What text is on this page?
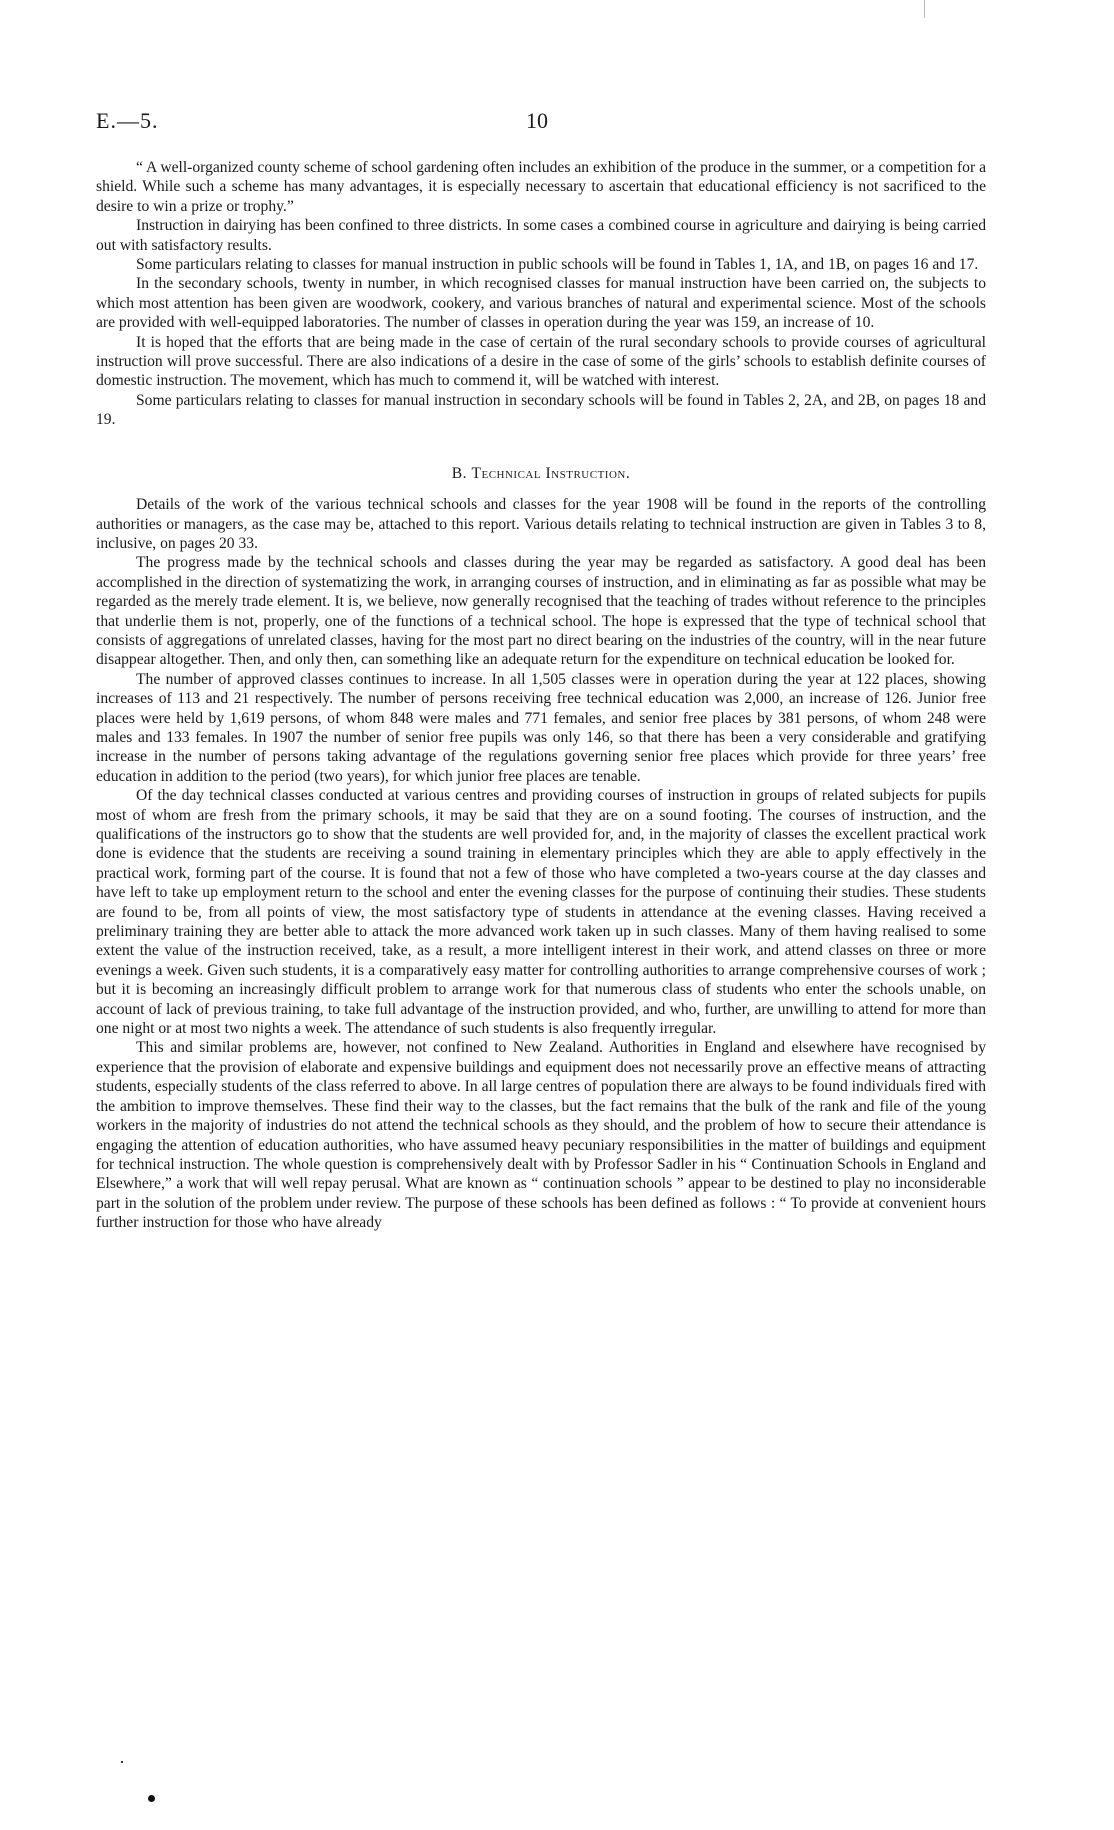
E.—5.	10

“ A well-organized county scheme of school gardening often includes an exhibition of the produce in the summer, or a competition for a shield. While such a scheme has many advantages, it is especially necessary to ascertain that educational efficiency is not sacrificed to the desire to win a prize or trophy.”

Instruction in dairying has been confined to three districts. In some cases a combined course in agriculture and dairying is being carried out with satisfactory results.

Some particulars relating to classes for manual instruction in public schools will be found in Tables 1, 1A, and 1B, on pages 16 and 17.

In the secondary schools, twenty in number, in which recognised classes for manual instruction have been carried on, the subjects to which most attention has been given are woodwork, cookery, and various branches of natural and experimental science. Most of the schools are provided with well-equipped laboratories. The number of classes in operation during the year was 159, an increase of 10.

It is hoped that the efforts that are being made in the case of certain of the rural secondary schools to provide courses of agricultural instruction will prove successful. There are also indications of a desire in the case of some of the girls’ schools to establish definite courses of domestic instruction. The movement, which has much to commend it, will be watched with interest.

Some particulars relating to classes for manual instruction in secondary schools will be found in Tables 2, 2A, and 2B, on pages 18 and 19.

B. Technical Instruction.

Details of the work of the various technical schools and classes for the year 1908 will be found in the reports of the controlling authorities or managers, as the case may be, attached to this report. Various details relating to technical instruction are given in Tables 3 to 8, inclusive, on pages 20 33.

The progress made by the technical schools and classes during the year may be regarded as satisfactory. A good deal has been accomplished in the direction of systematizing the work, in arranging courses of instruction, and in eliminating as far as possible what may be regarded as the merely trade element. It is, we believe, now generally recognised that the teaching of trades without reference to the principles that underlie them is not, properly, one of the functions of a technical school. The hope is expressed that the type of technical school that consists of aggregations of unrelated classes, having for the most part no direct bearing on the industries of the country, will in the near future disappear altogether. Then, and only then, can something like an adequate return for the expenditure on technical education be looked for.

The number of approved classes continues to increase. In all 1,505 classes were in operation during the year at 122 places, showing increases of 113 and 21 respectively. The number of persons receiving free technical education was 2,000, an increase of 126. Junior free places were held by 1,619 persons, of whom 848 were males and 771 females, and senior free places by 381 persons, of whom 248 were males and 133 females. In 1907 the number of senior free pupils was only 146, so that there has been a very considerable and gratifying increase in the number of persons taking advantage of the regulations governing senior free places which provide for three years’ free education in addition to the period (two years), for which junior free places are tenable.

Of the day technical classes conducted at various centres and providing courses of instruction in groups of related subjects for pupils most of whom are fresh from the primary schools, it may be said that they are on a sound footing. The courses of instruction, and the qualifications of the instructors go to show that the students are well provided for, and, in the majority of classes the excellent practical work done is evidence that the students are receiving a sound training in elementary principles which they are able to apply effectively in the practical work, forming part of the course. It is found that not a few of those who have completed a two-years course at the day classes and have left to take up employment return to the school and enter the evening classes for the purpose of continuing their studies. These students are found to be, from all points of view, the most satisfactory type of students in attendance at the evening classes. Having received a preliminary training they are better able to attack the more advanced work taken up in such classes. Many of them having realised to some extent the value of the instruction received, take, as a result, a more intelligent interest in their work, and attend classes on three or more evenings a week. Given such students, it is a comparatively easy matter for controlling authorities to arrange comprehensive courses of work ; but it is becoming an increasingly difficult problem to arrange work for that numerous class of students who enter the schools unable, on account of lack of previous training, to take full advantage of the instruction provided, and who, further, are unwilling to attend for more than one night or at most two nights a week. The attendance of such students is also frequently irregular.

This and similar problems are, however, not confined to New Zealand. Authorities in England and elsewhere have recognised by experience that the provision of elaborate and expensive buildings and equipment does not necessarily prove an effective means of attracting students, especially students of the class referred to above. In all large centres of population there are always to be found individuals fired with the ambition to improve themselves. These find their way to the classes, but the fact remains that the bulk of the rank and file of the young workers in the majority of industries do not attend the technical schools as they should, and the problem of how to secure their attendance is engaging the attention of education authorities, who have assumed heavy pecuniary responsibilities in the matter of buildings and equipment for technical instruction. The whole question is comprehensively dealt with by Professor Sadler in his “ Continuation Schools in England and Elsewhere,” a work that will well repay perusal. What are known as “ continuation schools ” appear to be destined to play no inconsiderable part in the solution of the problem under review. The purpose of these schools has been defined as follows : “ To provide at convenient hours further instruction for those who have already
